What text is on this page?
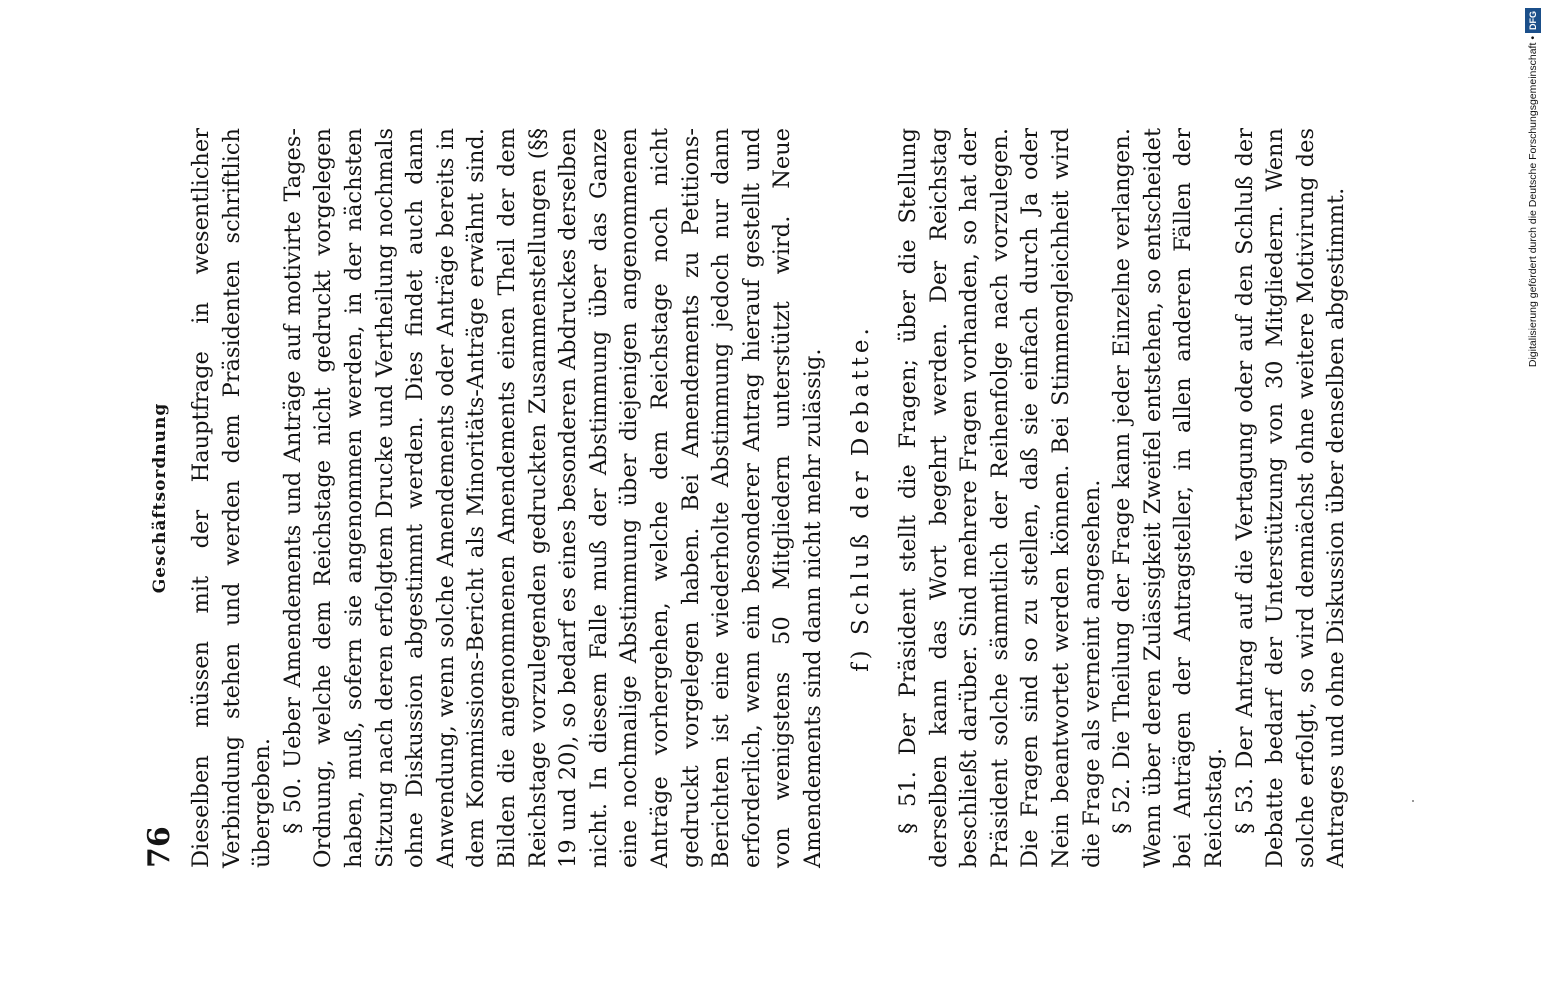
76
Geschäftsordnung Dieselben müssen mit der Hauptfrage in wesentlicher Verbindung stehen und werden dem Präsidenten schriftlich übergeben. § 50. Ueber Amendements und Anträge auf motivirte Tages-Ordnung, welche dem Reichstage nicht gedruckt vorgelegen haben, muß, sofern sie angenommen werden, in der nächsten Sitzung nach deren erfolgtem Drucke und Vertheilung nochmals ohne Diskussion abgestimmt werden. Dies findet auch dann Anwendung, wenn solche Amendements oder Anträge bereits in dem Kommissions-Bericht als Minoritäts-Anträge erwähnt sind. Bilden die angenommenen Amendements einen Theil der dem Reichstage vorzulegenden gedruckten Zusammenstellungen (§§ 19 und 20), so bedarf es eines besonderen Abdruckes derselben nicht. In diesem Falle muß der Abstimmung über das Ganze eine nochmalige Abstimmung über diejenigen angenommenen Anträge vorhergehen, welche dem Reichstage noch nicht gedruckt vorgelegen haben. Bei Amendements zu Petitions-Berichten ist eine wiederholte Abstimmung jedoch nur dann erforderlich, wenn ein besonderer Antrag hierauf gestellt und von wenigstens 50 Mitgliedern unterstützt wird. Neue Amendements sind dann nicht mehr zulässig. f) Schluß der Debatte.

§ 51. Der Präsident stellt die Fragen; über die Stellung derselben kann das Wort begehrt werden. Der Reichstag beschließt darüber. Sind mehrere Fragen vorhanden, so hat der Präsident solche sämmtlich der Reihenfolge nach vorzulegen. Die Fragen sind so zu stellen, daß sie einfach durch Ja oder Nein beantwortet werden können. Bei Stimmengleichheit wird die Frage als verneint angesehen. § 52. Die Theilung der Frage kann jeder Einzelne verlangen. Wenn über deren Zulässigkeit Zweifel entstehen, so entscheidet bei Anträgen der Antragsteller, in allen anderen Fällen der Reichstag. § 53. Der Antrag auf die Vertagung oder auf den Schluß der Debatte bedarf der Unterstützung von 30 Mitgliedern. Wenn solche erfolgt, so wird demnächst ohne weitere Motivirung des Antrages und ohne Diskussion über denselben abgestimmt.	Digitalisierung gefördert durch die Deutsche Forschungsgemeinschaft •
DFG
